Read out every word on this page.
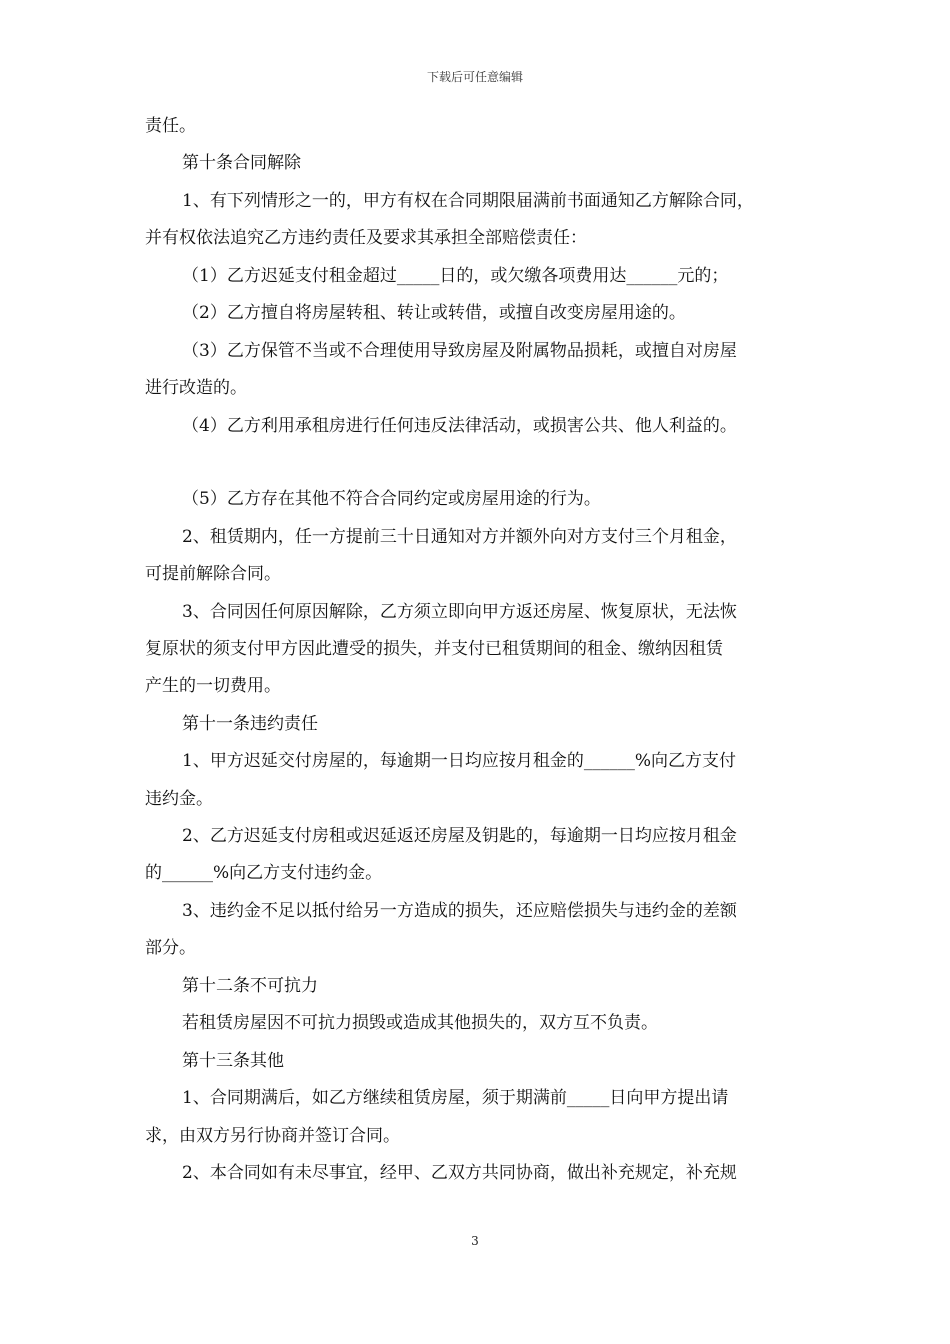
下载后可任意编辑
责任。
第十条合同解除
1、有下列情形之一的，甲方有权在合同期限届满前书面通知乙方解除合同，
并有权依法追究乙方违约责任及要求其承担全部赔偿责任：
（1）乙方迟延支付租金超过_____日的，或欠缴各项费用达______元的；
（2）乙方擅自将房屋转租、转让或转借，或擅自改变房屋用途的。
（3）乙方保管不当或不合理使用导致房屋及附属物品损耗，或擅自对房屋
进行改造的。
（4）乙方利用承租房进行任何违反法律活动，或损害公共、他人利益的。
（5）乙方存在其他不符合合同约定或房屋用途的行为。
2、租赁期内，任一方提前三十日通知对方并额外向对方支付三个月租金，
可提前解除合同。
3、合同因任何原因解除，乙方须立即向甲方返还房屋、恢复原状，无法恢
复原状的须支付甲方因此遭受的损失，并支付已租赁期间的租金、缴纳因租赁
产生的一切费用。
第十一条违约责任
1、甲方迟延交付房屋的，每逾期一日均应按月租金的______%向乙方支付
违约金。
2、乙方迟延支付房租或迟延返还房屋及钥匙的，每逾期一日均应按月租金
的______%向乙方支付违约金。
3、违约金不足以抵付给另一方造成的损失，还应赔偿损失与违约金的差额
部分。
第十二条不可抗力
若租赁房屋因不可抗力损毁或造成其他损失的，双方互不负责。
第十三条其他
1、合同期满后，如乙方继续租赁房屋，须于期满前_____日向甲方提出请
求，由双方另行协商并签订合同。
2、本合同如有未尽事宜，经甲、乙双方共同协商，做出补充规定，补充规
3
